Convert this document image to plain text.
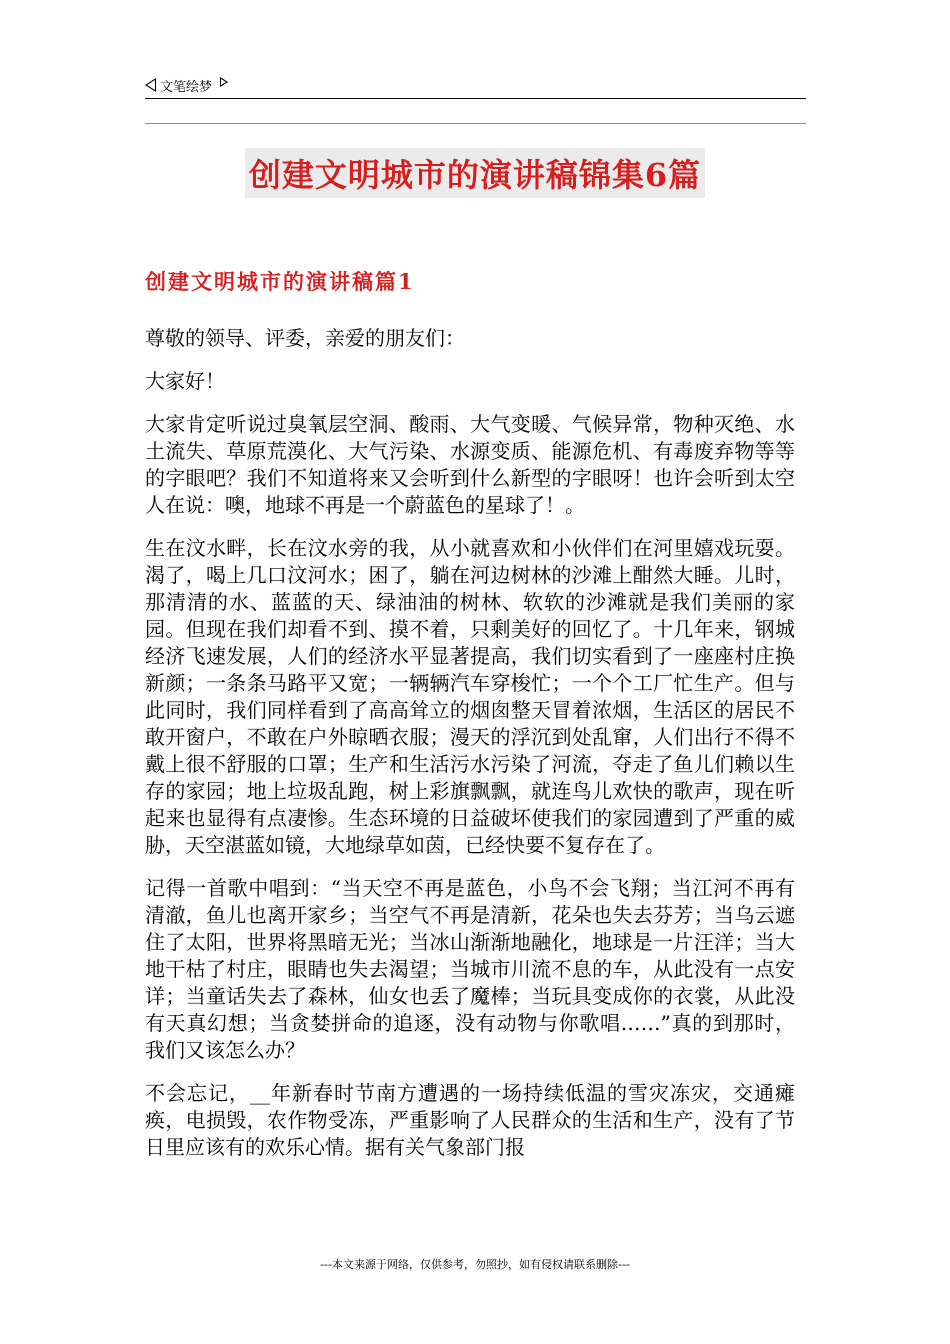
文笔绘梦
创建文明城市的演讲稿锦集6篇
创建文明城市的演讲稿篇1

尊敬的领导、评委，亲爱的朋友们：

大家好！

大家肯定听说过臭氧层空洞、酸雨、大气变暖、气候异常，物种灭绝、水土流失、草原荒漠化、大气污染、水源变质、能源危机、有毒废弃物等等的字眼吧？我们不知道将来又会听到什么新型的字眼呀！也许会听到太空人在说：噢，地球不再是一个蔚蓝色的星球了！。

生在汶水畔，长在汶水旁的我，从小就喜欢和小伙伴们在河里嬉戏玩耍。渴了，喝上几口汶河水；困了，躺在河边树林的沙滩上酣然大睡。儿时，那清清的水、蓝蓝的天、绿油油的树林、软软的沙滩就是我们美丽的家园。但现在我们却看不到、摸不着，只剩美好的回忆了。十几年来，钢城经济飞速发展，人们的经济水平显著提高，我们切实看到了一座座村庄换新颜；一条条马路平又宽；一辆辆汽车穿梭忙；一个个工厂忙生产。但与此同时，我们同样看到了高高耸立的烟囱整天冒着浓烟，生活区的居民不敢开窗户，不敢在户外晾晒衣服；漫天的浮沉到处乱窜，人们出行不得不戴上很不舒服的口罩；生产和生活污水污染了河流，夺走了鱼儿们赖以生存的家园；地上垃圾乱跑，树上彩旗飘飘，就连鸟儿欢快的歌声，现在听起来也显得有点凄惨。生态环境的日益破坏使我们的家园遭到了严重的威胁，天空湛蓝如镜，大地绿草如茵，已经快要不复存在了。

记得一首歌中唱到：“当天空不再是蓝色，小鸟不会飞翔；当江河不再有清澈，鱼儿也离开家乡；当空气不再是清新，花朵也失去芬芳；当乌云遮住了太阳，世界将黑暗无光；当冰山渐渐地融化，地球是一片汪洋；当大地干枯了村庄，眼睛也失去渴望；当城市川流不息的车，从此没有一点安详；当童话失去了森林，仙女也丢了魔棒；当玩具变成你的衣裳，从此没有天真幻想；当贪婪拼命的追逐，没有动物与你歌唱……”真的到那时，我们又该怎么办？

不会忘记，__年新春时节南方遭遇的一场持续低温的雪灾冻灾，交通瘫痪，电损毁，农作物受冻，严重影响了人民群众的生活和生产，没有了节日里应该有的欢乐心情。据有关气象部门报

---本文来源于网络，仅供参考，勿照抄，如有侵权请联系删除---
